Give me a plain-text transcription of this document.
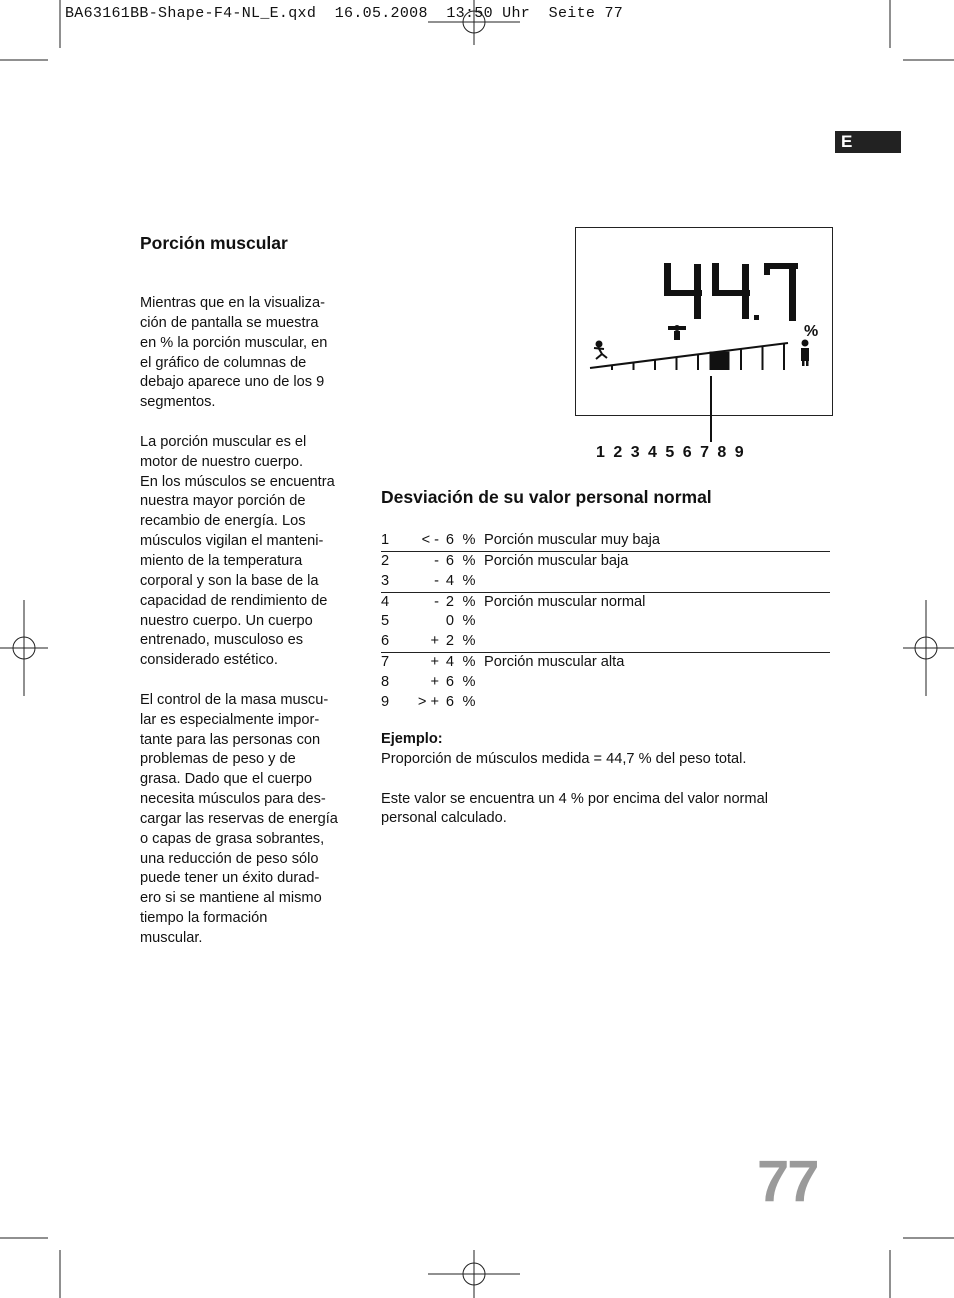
BA63161BB-Shape-F4-NL_E.qxd  16.05.2008  13:50 Uhr  Seite 77
E
Porción muscular

Mientras que en la visualiza-

ción de pantalla se muestra

en % la porción muscular, en

el gráfico de columnas de

debajo aparece uno de los 9

segmentos.

La porción muscular es el

motor de nuestro cuerpo.

En los músculos se encuentra

nuestra mayor porción de

recambio de energía. Los

músculos vigilan el manteni-

miento de la temperatura

corporal y son la base de la

capacidad de rendimiento de

nuestro cuerpo. Un cuerpo

entrenado, musculoso es

considerado estético.

El control de la masa muscu-

lar es especialmente impor-

tante para las personas con

problemas de peso y de

grasa. Dado que el cuerpo

necesita músculos para des-

cargar las reservas de energía

o capas de grasa sobrantes,

una reducción de peso sólo

puede tener un éxito durad-

ero si se mantiene al mismo

tiempo la formación

muscular.

%
1 2 3 4 5 6 7 8 9
Desviación de su valor personal normal
1	< -	6	%	Porción muscular muy baja
2	-	6	%	Porción muscular baja
3	-	4	%	
4	-	2	%	Porción muscular normal
5		0	%	
6	+	2	%	
7	+	4	%	Porción muscular alta
8	+	6	%	
9	> +	6	%	

Ejemplo:

Proporción de músculos medida = 44,7 % del peso total.

Este valor se encuentra un 4 % por encima del valor normal

personal calculado.

77
